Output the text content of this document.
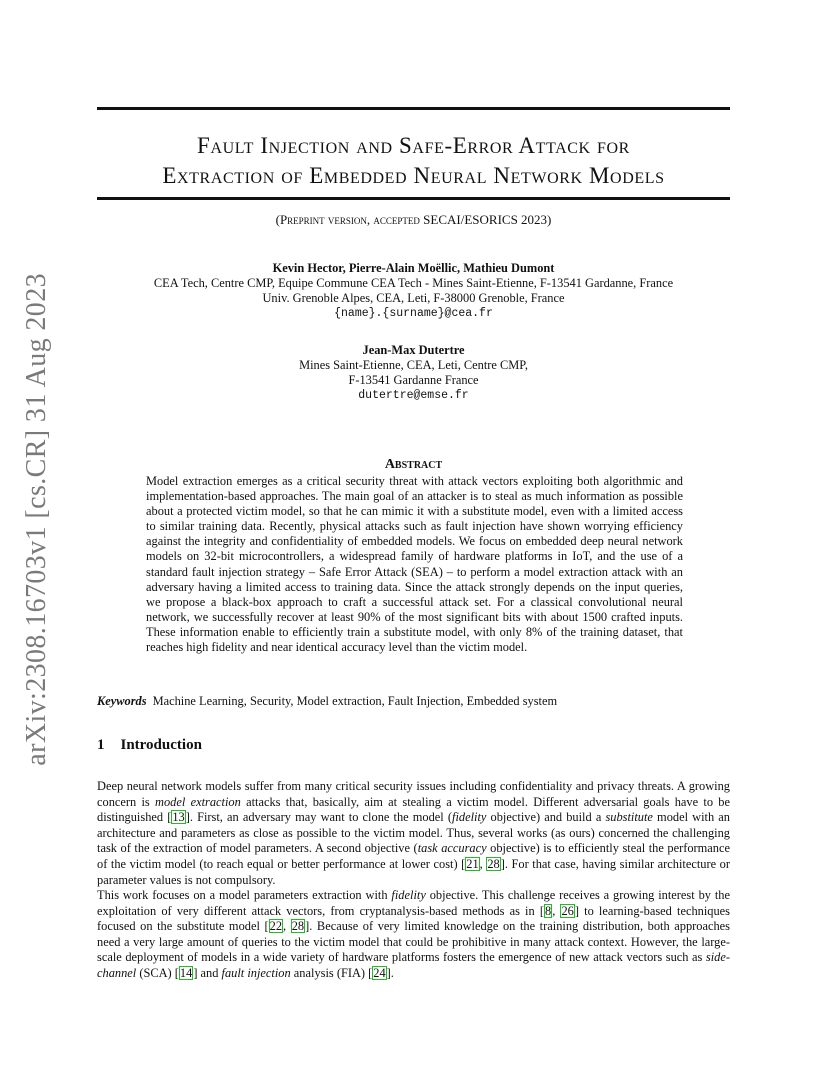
arXiv:2308.16703v1 [cs.CR] 31 Aug 2023
Fault Injection and Safe-Error Attack for
Extraction of Embedded Neural Network Models
(Preprint version, accepted SECAI/ESORICS 2023)
Kevin Hector, Pierre-Alain Moëllic, Mathieu Dumont
CEA Tech, Centre CMP, Equipe Commune CEA Tech - Mines Saint-Etienne, F-13541 Gardanne, France
Univ. Grenoble Alpes, CEA, Leti, F-38000 Grenoble, France
{name}.{surname}@cea.fr
Jean-Max Dutertre
Mines Saint-Etienne, CEA, Leti, Centre CMP,
F-13541 Gardanne France
dutertre@emse.fr
Abstract

Model extraction emerges as a critical security threat with attack vectors exploiting both algorithmic and implementation-based approaches. The main goal of an attacker is to steal as much information as possible about a protected victim model, so that he can mimic it with a substitute model, even with a limited access to similar training data. Recently, physical attacks such as fault injection have shown worrying efficiency against the integrity and confidentiality of embedded models. We focus on embedded deep neural network models on 32-bit microcontrollers, a widespread family of hardware platforms in IoT, and the use of a standard fault injection strategy – Safe Error Attack (SEA) – to perform a model extraction attack with an adversary having a limited access to training data. Since the attack strongly depends on the input queries, we propose a black-box approach to craft a successful attack set. For a classical convolutional neural network, we successfully recover at least 90% of the most significant bits with about 1500 crafted inputs. These information enable to efficiently train a substitute model, with only 8% of the training dataset, that reaches high fidelity and near identical accuracy level than the victim model.

Keywords Machine Learning, Security, Model extraction, Fault Injection, Embedded system

1 Introduction

Deep neural network models suffer from many critical security issues including confidentiality and privacy threats. A growing concern is model extraction attacks that, basically, aim at stealing a victim model. Different adversarial goals have to be distinguished [13]. First, an adversary may want to clone the model (fidelity objective) and build a substitute model with an architecture and parameters as close as possible to the victim model. Thus, several works (as ours) concerned the challenging task of the extraction of model parameters. A second objective (task accuracy objective) is to efficiently steal the performance of the victim model (to reach equal or better performance at lower cost) [21, 28]. For that case, having similar architecture or parameter values is not compulsory.

This work focuses on a model parameters extraction with fidelity objective. This challenge receives a growing interest by the exploitation of very different attack vectors, from cryptanalysis-based methods as in [8, 26] to learning-based techniques focused on the substitute model [22, 28]. Because of very limited knowledge on the training distribution, both approaches need a very large amount of queries to the victim model that could be prohibitive in many attack context. However, the large-scale deployment of models in a wide variety of hardware platforms fosters the emergence of new attack vectors such as side-channel (SCA) [14] and fault injection analysis (FIA) [24].
